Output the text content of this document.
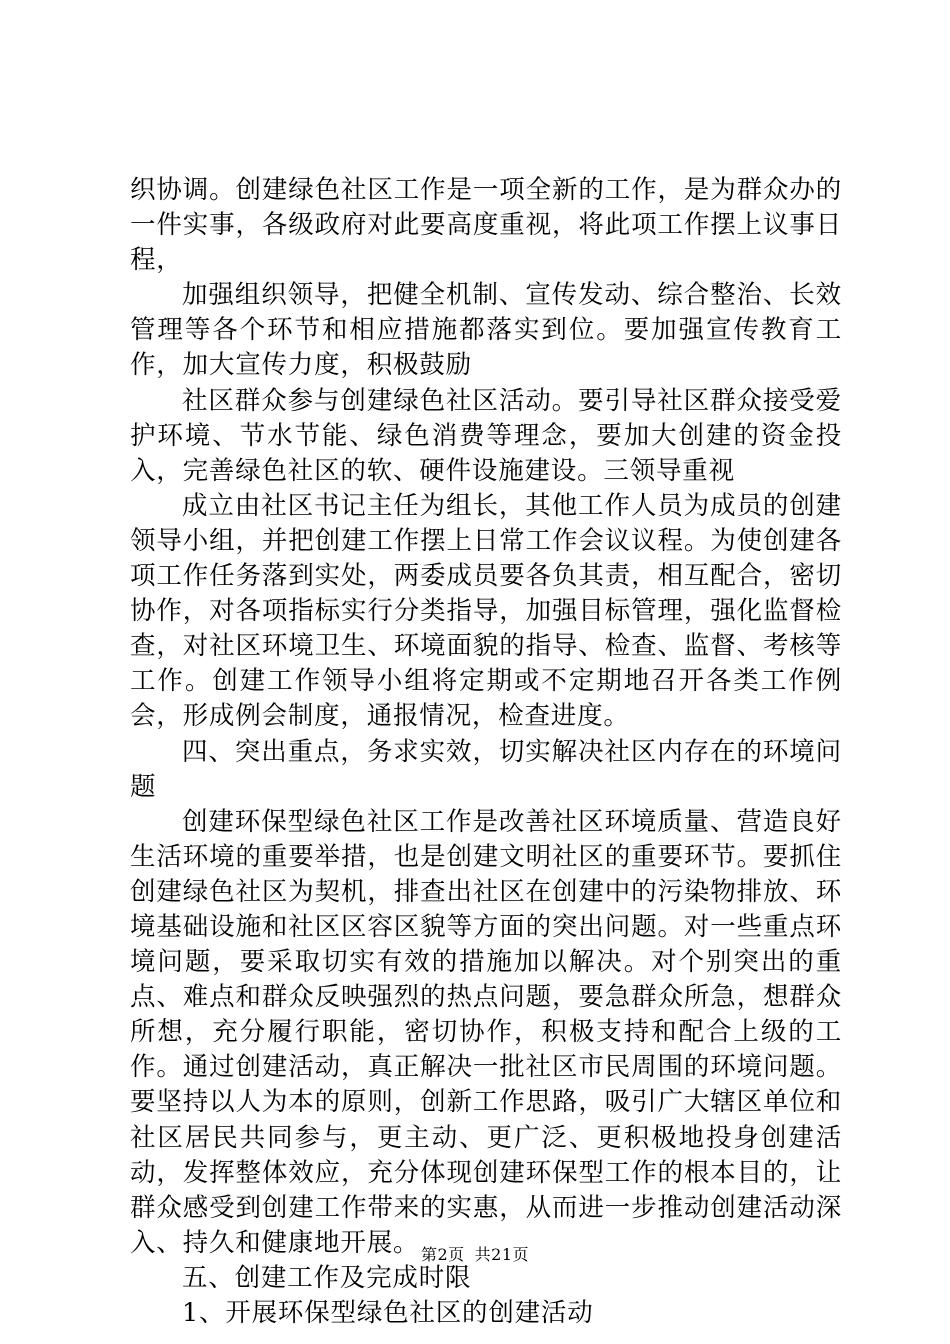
织协调。创建绿色社区工作是一项全新的工作，是为群众办的一件实事，各级政府对此要高度重视，将此项工作摆上议事日程，

加强组织领导，把健全机制、宣传发动、综合整治、长效管理等各个环节和相应措施都落实到位。要加强宣传教育工作，加大宣传力度，积极鼓励

社区群众参与创建绿色社区活动。要引导社区群众接受爱护环境、节水节能、绿色消费等理念，要加大创建的资金投入，完善绿色社区的软、硬件设施建设。三领导重视

成立由社区书记主任为组长，其他工作人员为成员的创建领导小组，并把创建工作摆上日常工作会议议程。为使创建各项工作任务落到实处，两委成员要各负其责，相互配合，密切协作，对各项指标实行分类指导，加强目标管理，强化监督检查，对社区环境卫生、环境面貌的指导、检查、监督、考核等工作。创建工作领导小组将定期或不定期地召开各类工作例会，形成例会制度，通报情况，检查进度。

四、突出重点，务求实效，切实解决社区内存在的环境问题

创建环保型绿色社区工作是改善社区环境质量、营造良好生活环境的重要举措，也是创建文明社区的重要环节。要抓住创建绿色社区为契机，排查出社区在创建中的污染物排放、环境基础设施和社区区容区貌等方面的突出问题。对一些重点环境问题，要采取切实有效的措施加以解决。对个别突出的重点、难点和群众反映强烈的热点问题，要急群众所急，想群众所想，充分履行职能，密切协作，积极支持和配合上级的工作。通过创建活动，真正解决一批社区市民周围的环境问题。要坚持以人为本的原则，创新工作思路，吸引广大辖区单位和社区居民共同参与，更主动、更广泛、更积极地投身创建活动，发挥整体效应，充分体现创建环保型工作的根本目的，让群众感受到创建工作带来的实惠，从而进一步推动创建活动深入、持久和健康地开展。

五、创建工作及完成时限

1、开展环保型绿色社区的创建活动

第2页 共21页
